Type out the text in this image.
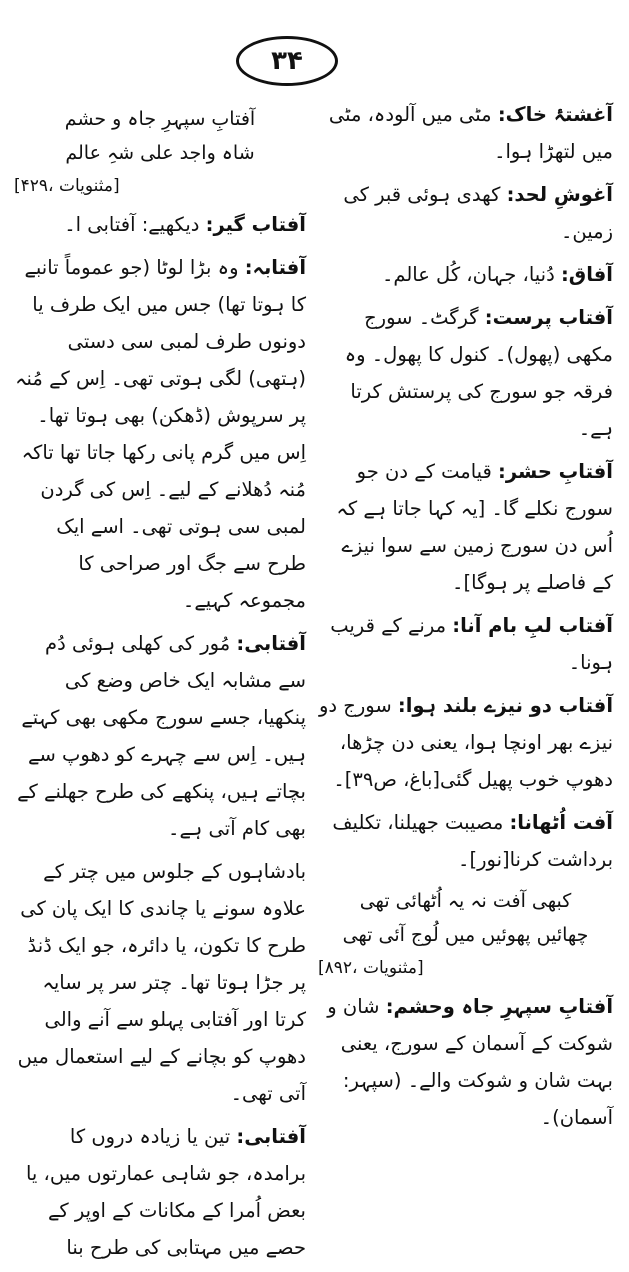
۳۴

آغشتۂ خاک: مٹی میں آلودہ، مٹی میں لتھڑا ہوا۔

آغوشِ لحد: کھدی ہوئی قبر کی زمین۔

آفاق: دُنیا، جہان، کُل عالم۔

آفتاب پرست: گرگٹ۔ سورج مکھی (پھول)۔ کنول کا پھول۔ وہ فرقہ جو سورج کی پرستش کرتا ہے۔

آفتابِ حشر: قیامت کے دن جو سورج نکلے گا۔ [یہ کہا جاتا ہے کہ اُس دن سورج زمین سے سوا نیزے کے فاصلے پر ہوگا]۔

آفتاب لبِ بام آنا: مرنے کے قریب ہونا۔

آفتاب دو نیزے بلند ہوا: سورج دو نیزے بھر اونچا ہوا، یعنی دن چڑھا، دھوپ خوب پھیل گئی[باغ، ص۳۹]۔

آفت اُٹھانا: مصیبت جھیلنا، تکلیف برداشت کرنا[نور]۔

کبھی آفت نہ یہ اُٹھائی تھی
چھائیں پھوئیں میں لُوج آئی تھی
[مثنویات ،۸۹۲]

آفتابِ سپہرِ جاہ وحشم: شان و شوکت کے آسمان کے سورج، یعنی بہت شان و شوکت والے۔ (سپہر: آسمان)۔

آفتابِ سپہرِ جاہ و حشم
شاہ واجد علی شہِ عالم
[مثنویات ،۴۲۹]

آفتاب گیر: دیکھیے: آفتابی ا۔

آفتابہ: وہ بڑا لوٹا (جو عموماً تانبے کا ہوتا تھا) جس میں ایک طرف یا دونوں طرف لمبی سی دستی (ہتھی) لگی ہوتی تھی۔ اِس کے مُنہ پر سرپوش (ڈھکن) بھی ہوتا تھا۔ اِس میں گرم پانی رکھا جاتا تھا تاکہ مُنہ دُھلانے کے لیے۔ اِس کی گردن لمبی سی ہوتی تھی۔ اسے ایک طرح سے جگ اور صراحی کا مجموعہ کہیے۔

آفتابی: مُور کی کھلی ہوئی دُم سے مشابہ ایک خاص وضع کی پنکھیا، جسے سورج مکھی بھی کہتے ہیں۔ اِس سے چہرے کو دھوپ سے بچاتے ہیں، پنکھے کی طرح جھلنے کے بھی کام آتی ہے۔

بادشاہوں کے جلوس میں چتر کے علاوہ سونے یا چاندی کا ایک پان کی طرح کا تکون، یا دائرہ، جو ایک ڈنڈ پر جڑا ہوتا تھا۔ چتر سر پر سایہ کرتا اور آفتابی پہلو سے آنے والی دھوپ کو بچانے کے لیے استعمال میں آتی تھی۔

آفتابی: تین یا زیادہ دروں کا برامدہ، جو شاہی عمارتوں میں، یا بعض اُمرا کے مکانات کے اوپر کے حصے میں مہتابی کی طرح بنا
